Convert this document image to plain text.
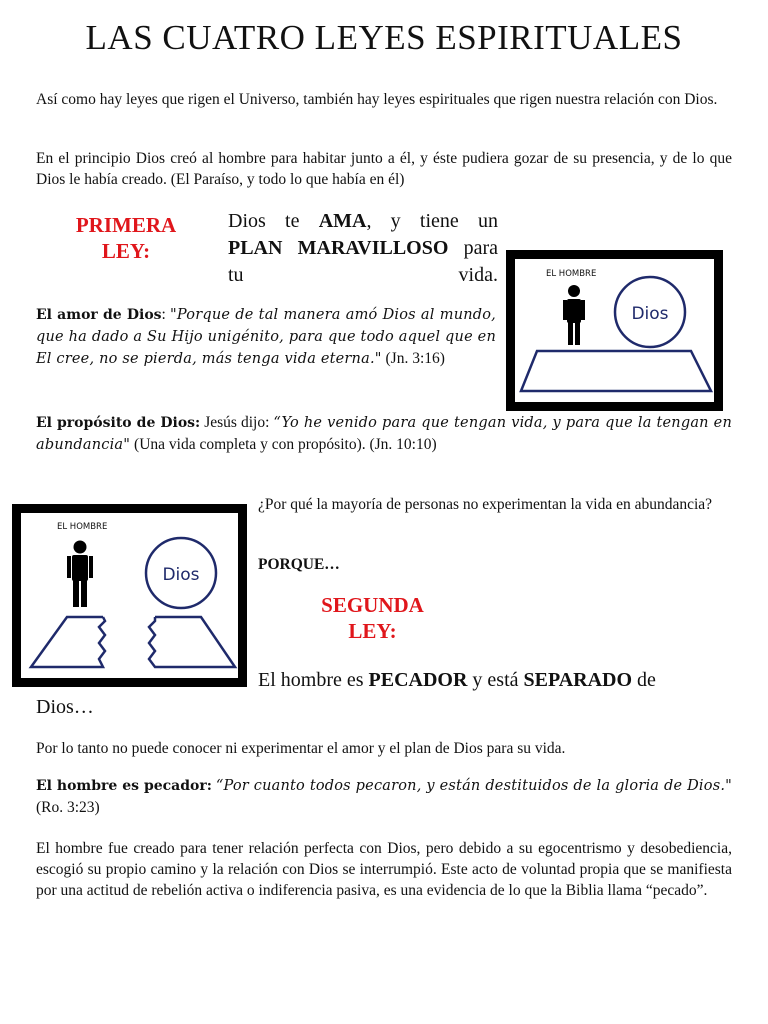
LAS CUATRO LEYES ESPIRITUALES
Así como hay leyes que rigen el Universo, también hay leyes espirituales que rigen nuestra relación con Dios.
En el principio Dios creó al hombre para habitar junto a él, y éste pudiera gozar de su presencia, y de lo que Dios le había creado. (El Paraíso, y todo lo que había en él)
PRIMERA
LEY:
Dios te AMA, y tiene un PLAN MARAVILLOSO para tu vida.	EL HOMBRE
Dios
El amor de Dios: "Porque de tal manera amó Dios al mundo, que ha dado a Su Hijo unigénito, para que todo aquel que en El cree, no se pierda, más tenga vida eterna." (Jn. 3:16)
El propósito de Dios: Jesús dijo: “Yo he venido para que tengan vida, y para que la tengan en abundancia" (Una vida completa y con propósito). (Jn. 10:10)
EL HOMBRE
Dios
¿Por qué la mayoría de personas no experimentan la vida en abundancia?
PORQUE…
SEGUNDA
LEY:
El hombre es PECADOR y está SEPARADO de
Dios…
Por lo tanto no puede conocer ni experimentar el amor y el plan de Dios para su vida.
El hombre es pecador: “Por cuanto todos pecaron, y están destituidos de la gloria de Dios." (Ro. 3:23)
El hombre fue creado para tener relación perfecta con Dios, pero debido a su egocentrismo y desobediencia, escogió su propio camino y la relación con Dios se interrumpió. Este acto de voluntad propia que se manifiesta por una actitud de rebelión activa o indiferencia pasiva, es una evidencia de lo que la Biblia llama “pecado”.
